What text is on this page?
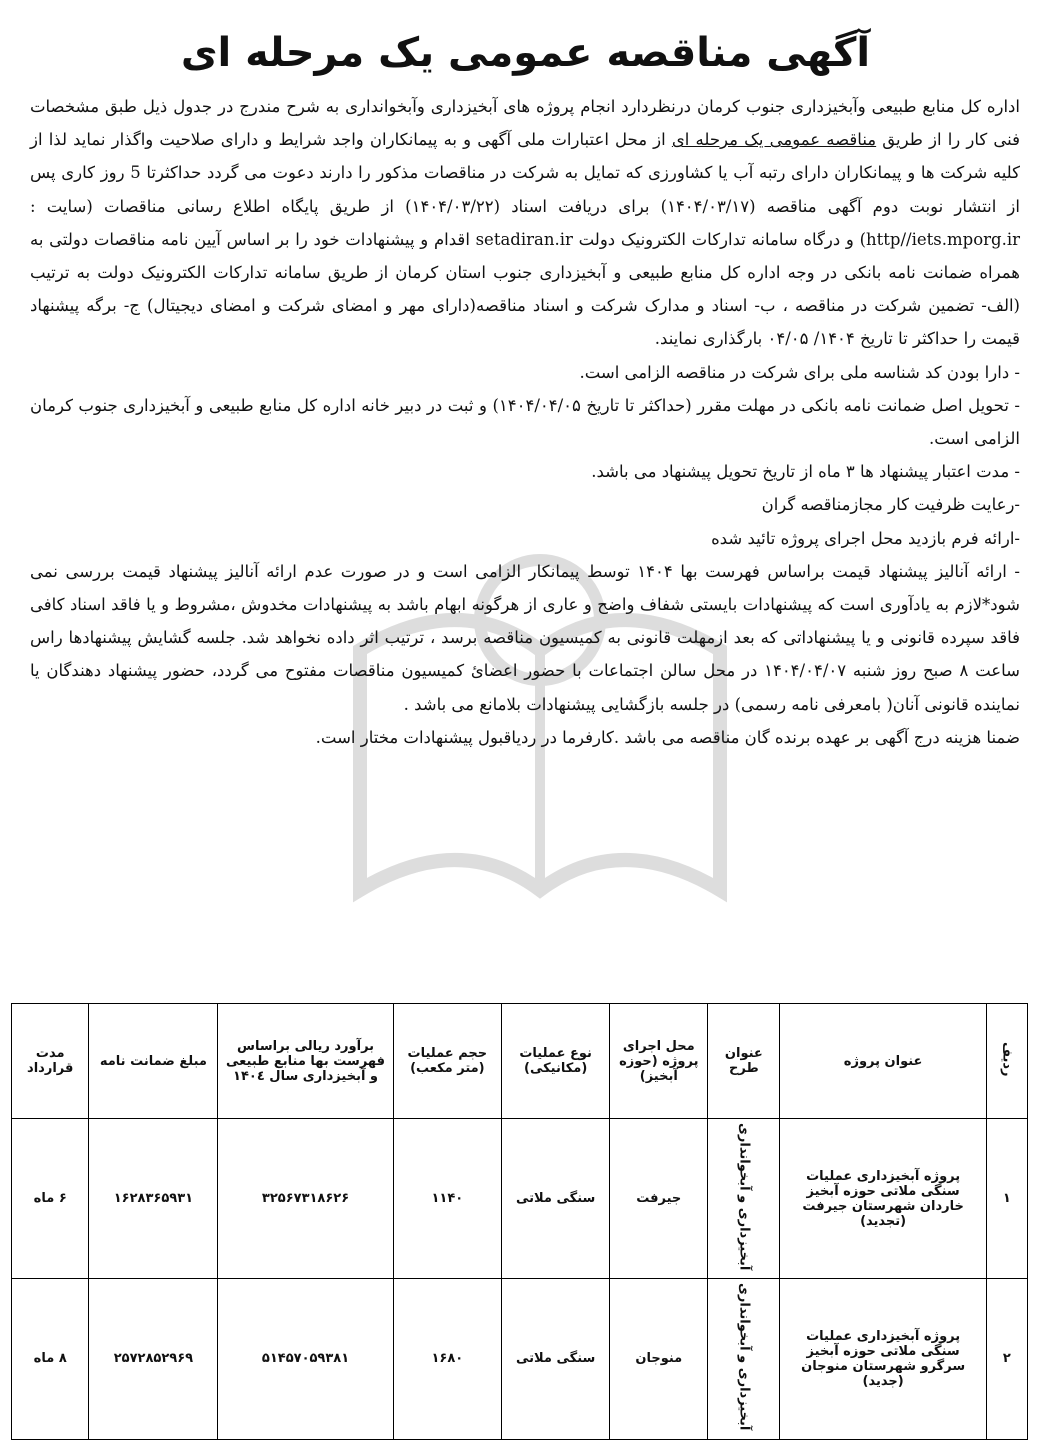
آگهی مناقصه عمومی یک مرحله ای

اداره کل منابع طبیعی وآبخیزداری جنوب کرمان درنظردارد انجام پروژه های آبخیزداری وآبخوانداری به شرح مندرج در جدول ذیل طبق مشخصات فنی کار را از طریق مناقصه عمومی یک مرحله ای از محل اعتبارات ملی آگهی و به پیمانکاران واجد شرایط و دارای صلاحیت واگذار نماید لذا از کلیه شرکت ها و پیمانکاران دارای رتبه آب یا کشاورزی که تمایل به شرکت در مناقصات مذکور را دارند دعوت می گردد حداکثرتا 5 روز کاری پس از انتشار نوبت دوم آگهی مناقصه (۱۴۰۴/۰۳/۱۷) برای دریافت اسناد (۱۴۰۴/۰۳/۲۲) از طریق پایگاه اطلاع رسانی مناقصات (سایت : http//iets.mporg.ir) و درگاه سامانه تدارکات الکترونیک دولت setadiran.ir اقدام و پیشنهادات خود را بر اساس آیین نامه مناقصات دولتی به همراه ضمانت نامه بانکی در وجه اداره کل منابع طبیعی و آبخیزداری جنوب استان کرمان از طریق سامانه تدارکات الکترونیک دولت به ترتیب (الف- تضمین شرکت در مناقصه ، ب- اسناد و مدارک شرکت و اسناد مناقصه(دارای مهر و امضای شرکت و امضای دیجیتال) ج- برگه پیشنهاد قیمت را حداکثر تا تاریخ ۱۴۰۴/ ۰۴/۰۵ بارگذاری نمایند.

- دارا بودن کد شناسه ملی برای شرکت در مناقصه الزامی است.

- تحویل اصل ضمانت نامه بانکی در مهلت مقرر (حداکثر تا تاریخ ۱۴۰۴/۰۴/۰۵) و ثبت در دبیر خانه اداره کل منابع طبیعی و آبخیزداری جنوب کرمان الزامی است.

- مدت اعتبار پیشنهاد ها ۳ ماه از تاریخ تحویل پیشنهاد می باشد.

-رعایت ظرفیت کار مجازمناقصه گران

-ارائه فرم بازدید محل اجرای پروژه تائید شده

- ارائه آنالیز پیشنهاد قیمت براساس فهرست بها ۱۴۰۴ توسط پیمانکار الزامی است و در صورت عدم ارائه آنالیز پیشنهاد قیمت بررسی نمی شود*لازم به یادآوری است که پیشنهادات بایستی شفاف واضح و عاری از هرگونه ابهام باشد به پیشنهادات مخدوش ،مشروط و یا فاقد اسناد کافی فاقد سپرده قانونی و یا پیشنهاداتی که بعد ازمهلت قانونی به کمیسیون مناقصه برسد ، ترتیب اثر داده نخواهد شد. جلسه گشایش پیشنهادها راس ساعت ۸ صبح روز شنبه ۱۴۰۴/۰۴/۰۷ در محل سالن اجتماعات با حضور اعضائ کمیسیون مناقصات مفتوح می گردد، حضور پیشنهاد دهندگان یا نماینده قانونی آنان( بامعرفی نامه رسمی) در جلسه بازگشایی پیشنهادات بلامانع می باشد .

ضمنا هزینه درج آگهی بر عهده برنده گان مناقصه می باشد .کارفرما در ردیاقبول پیشنهادات مختار است.

ردیف	عنوان پروژه	عنوان طرح	محل اجرای پروژه (حوزه آبخیز)	نوع عملیات (مکانیکی)	حجم عملیات (متر مکعب)	برآورد ریالی براساس فهرست بها منابع طبیعی و آبخیزداری سال ۱۴۰٤	مبلغ ضمانت نامه	مدت قرارداد
۱	پروژه آبخیزداری عملیات سنگی ملاتی حوزه آبخیز خاردان شهرستان جیرفت (تجدید)	آبخیزداری و آبخوانداری	جیرفت	سنگی ملاتی	۱۱۴۰	۳۲۵۶۷۳۱۸۶۲۶	۱۶۲۸۳۶۵۹۳۱	۶ ماه
۲	پروژه آبخیزداری عملیات سنگی ملاتی حوزه آبخیز سرگرو شهرستان منوجان (جدید)	آبخیزداری و آبخوانداری	منوجان	سنگی ملاتی	۱۶۸۰	۵۱۴۵۷۰۵۹۳۸۱	۲۵۷۲۸۵۲۹۶۹	۸ ماه
